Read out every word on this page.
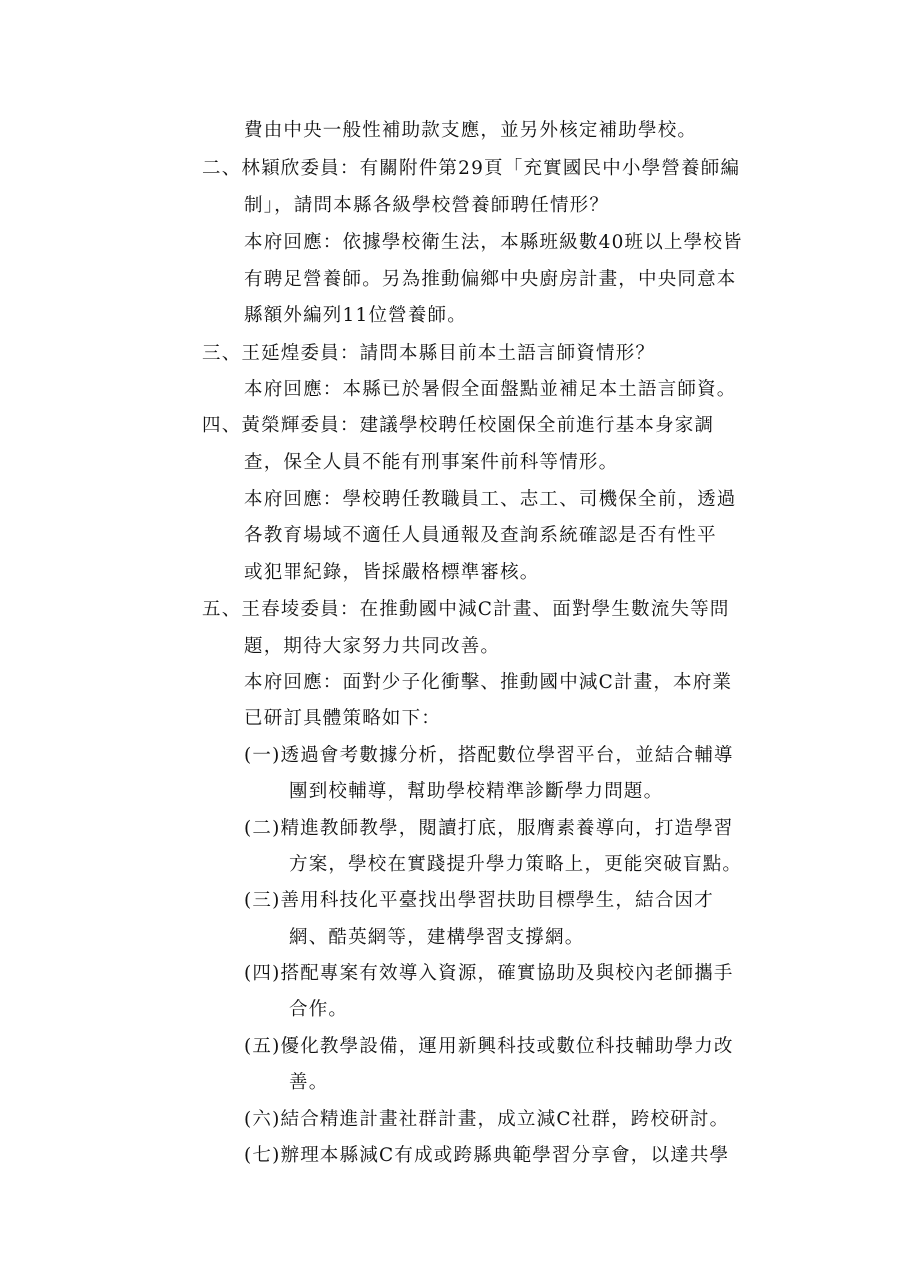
費由中央一般性補助款支應，並另外核定補助學校。
二、林穎欣委員：有關附件第29頁「充實國民中小學營養師編
制」，請問本縣各級學校營養師聘任情形？
本府回應：依據學校衛生法，本縣班級數40班以上學校皆
有聘足營養師。另為推動偏鄉中央廚房計畫，中央同意本
縣額外編列11位營養師。
三、王延煌委員：請問本縣目前本土語言師資情形？
本府回應：本縣已於暑假全面盤點並補足本土語言師資。
四、黃榮輝委員：建議學校聘任校園保全前進行基本身家調
查，保全人員不能有刑事案件前科等情形。
本府回應：學校聘任教職員工、志工、司機保全前，透過
各教育場域不適任人員通報及查詢系統確認是否有性平
或犯罪紀錄，皆採嚴格標準審核。
五、王春堎委員：在推動國中減C計畫、面對學生數流失等問
題，期待大家努力共同改善。
本府回應：面對少子化衝擊、推動國中減C計畫，本府業
已研訂具體策略如下：
(一)透過會考數據分析，搭配數位學習平台，並結合輔導
團到校輔導，幫助學校精準診斷學力問題。
(二)精進教師教學，閱讀打底，服膺素養導向，打造學習
方案，學校在實踐提升學力策略上，更能突破盲點。
(三)善用科技化平臺找出學習扶助目標學生，結合因才
網、酷英網等，建構學習支撐網。
(四)搭配專案有效導入資源，確實協助及與校內老師攜手
合作。
(五)優化教學設備，運用新興科技或數位科技輔助學力改
善。
(六)結合精進計畫社群計畫，成立減C社群，跨校研討。
(七)辦理本縣減C有成或跨縣典範學習分享會，以達共學
